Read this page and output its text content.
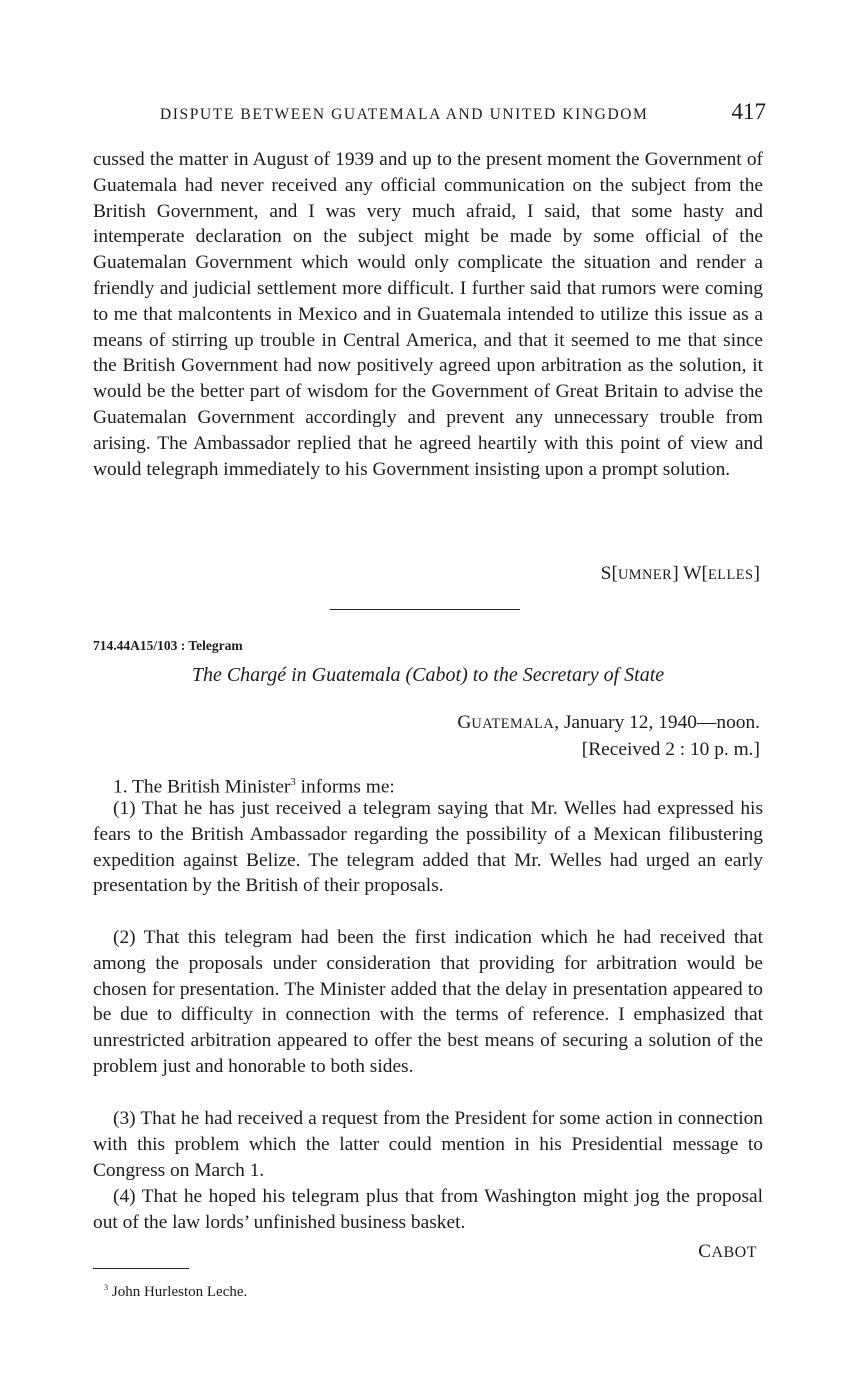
DISPUTE BETWEEN GUATEMALA AND UNITED KINGDOM	417

cussed the matter in August of 1939 and up to the present moment the Government of Guatemala had never received any official communication on the subject from the British Government, and I was very much afraid, I said, that some hasty and intemperate declaration on the subject might be made by some official of the Guatemalan Government which would only complicate the situation and render a friendly and judicial settlement more difficult. I further said that rumors were coming to me that malcontents in Mexico and in Guatemala intended to utilize this issue as a means of stirring up trouble in Central America, and that it seemed to me that since the British Government had now positively agreed upon arbitration as the solution, it would be the better part of wisdom for the Government of Great Britain to advise the Guatemalan Government accordingly and prevent any unnecessary trouble from arising. The Ambassador replied that he agreed heartily with this point of view and would telegraph immediately to his Government insisting upon a prompt solution.

S[UMNER] W[ELLES]
714.44A15/103 : Telegram
The Chargé in Guatemala (Cabot) to the Secretary of State
GUATEMALA, January 12, 1940—noon.
[Received 2 : 10 p. m.]

1. The British Minister$^3$ informs me:

(1) That he has just received a telegram saying that Mr. Welles had expressed his fears to the British Ambassador regarding the possibility of a Mexican filibustering expedition against Belize. The telegram added that Mr. Welles had urged an early presentation by the British of their proposals.

(2) That this telegram had been the first indication which he had received that among the proposals under consideration that providing for arbitration would be chosen for presentation. The Minister added that the delay in presentation appeared to be due to difficulty in connection with the terms of reference. I emphasized that unrestricted arbitration appeared to offer the best means of securing a solution of the problem just and honorable to both sides.

(3) That he had received a request from the President for some action in connection with this problem which the latter could mention in his Presidential message to Congress on March 1.

(4) That he hoped his telegram plus that from Washington might jog the proposal out of the law lords’ unfinished business basket.

CABOT
$^3$ John Hurleston Leche.
